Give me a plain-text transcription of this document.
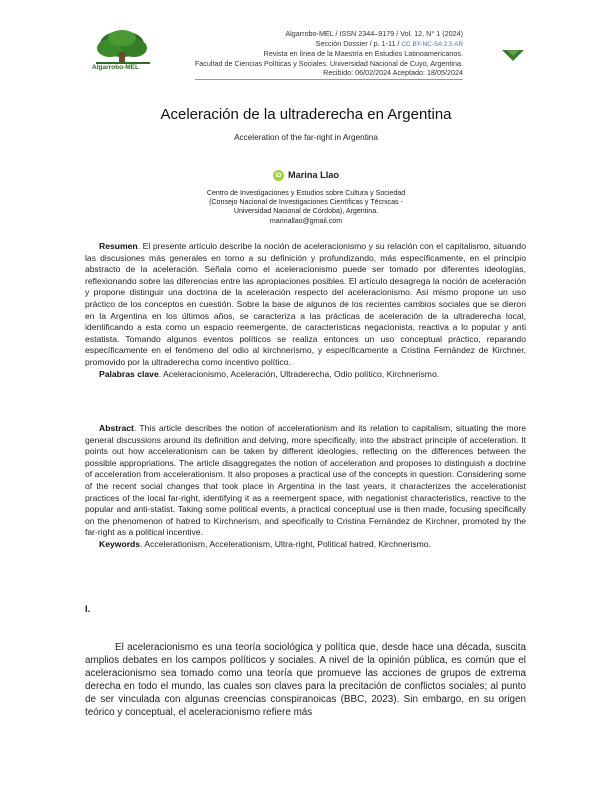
Algarrobo-MEL
Algarrobo-MEL / ISSN 2344–9179 / Vol. 12, N° 1 (2024)
Sección Dossier / p. 1-11 / CC BY-NC-SA 2.5 AR
Revista en línea de la Maestría en Estudios Latinoamericanos.
Facultad de Ciencias Políticas y Sociales. Universidad Nacional de Cuyo, Argentina.
Recibido: 06/02/2024 Aceptado: 18/05/2024
Aceleración de la ultraderecha en Argentina
Acceleration of the far-right in Argentina
iD Marina Llao
Centro de Investigaciones y Estudios sobre Cultura y Sociedad
(Consejo Nacional de Investigaciones Científicas y Técnicas -
Universidad Nacional de Córdoba), Argentina.
marinallao@gmail.com

Resumen. El presente artículo describe la noción de aceleracionismo y su relación con el capitalismo, situando las discusiones más generales en torno a su definición y profundizando, más específicamente, en el principio abstracto de la aceleración. Señala como el aceleracionismo puede ser tomado por diferentes ideologías, reflexionando sobre las diferencias entre las apropiaciones posibles. El artículo desagrega la noción de aceleración y propone distinguir una doctrina de la aceleración respecto del aceleracionismo. Así mismo propone un uso práctico de los conceptos en cuestión. Sobre la base de algunos de los recientes cambios sociales que se dieron en la Argentina en los últimos años, se caracteriza a las prácticas de aceleración de la ultraderecha local, identificando a esta como un espacio reemergente, de características negacionista, reactiva a lo popular y anti estatista. Tomando algunos eventos políticos se realiza entonces un uso conceptual práctico, reparando específicamente en el fenómeno del odio al kirchnerismo, y específicamente a Cristina Fernández de Kirchner, promovido por la ultraderecha como incentivo político.

Palabras clave. Aceleracionismo, Aceleración, Ultraderecha, Odio político, Kirchnerismo.

Abstract. This article describes the notion of accelerationism and its relation to capitalism, situating the more general discussions around its definition and delving, more specifically, into the abstract principle of acceleration. It points out how accelerationism can be taken by different ideologies, reflecting on the differences between the possible appropriations. The article disaggregates the notion of acceleration and proposes to distinguish a doctrine of acceleration from accelerationism. It also proposes a practical use of the concepts in question. Considering some of the recent social changes that took place in Argentina in the last years, it characterizes the accelerationist practices of the local far-right, identifying it as a reemergent space, with negationist characteristics, reactive to the popular and anti-statist. Taking some political events, a practical conceptual use is then made, focusing specifically on the phenomenon of hatred to Kirchnerism, and specifically to Cristina Fernández de Kirchner, promoted by the far-right as a political incentive.

Keywords. Accelerationism, Accelerationism, Ultra-right, Political hatred, Kirchnerismo.
I.

El aceleracionismo es una teoría sociológica y política que, desde hace una década, suscita amplios debates en los campos políticos y sociales. A nivel de la opinión pública, es común que el aceleracionismo sea tomado como una teoría que promueve las acciones de grupos de extrema derecha en todo el mundo, las cuales son claves para la precitación de conflictos sociales; al punto de ser vinculada con algunas creencias conspiranoicas (BBC, 2023). Sin embargo, en su origen teórico y conceptual, el aceleracionismo refiere más
